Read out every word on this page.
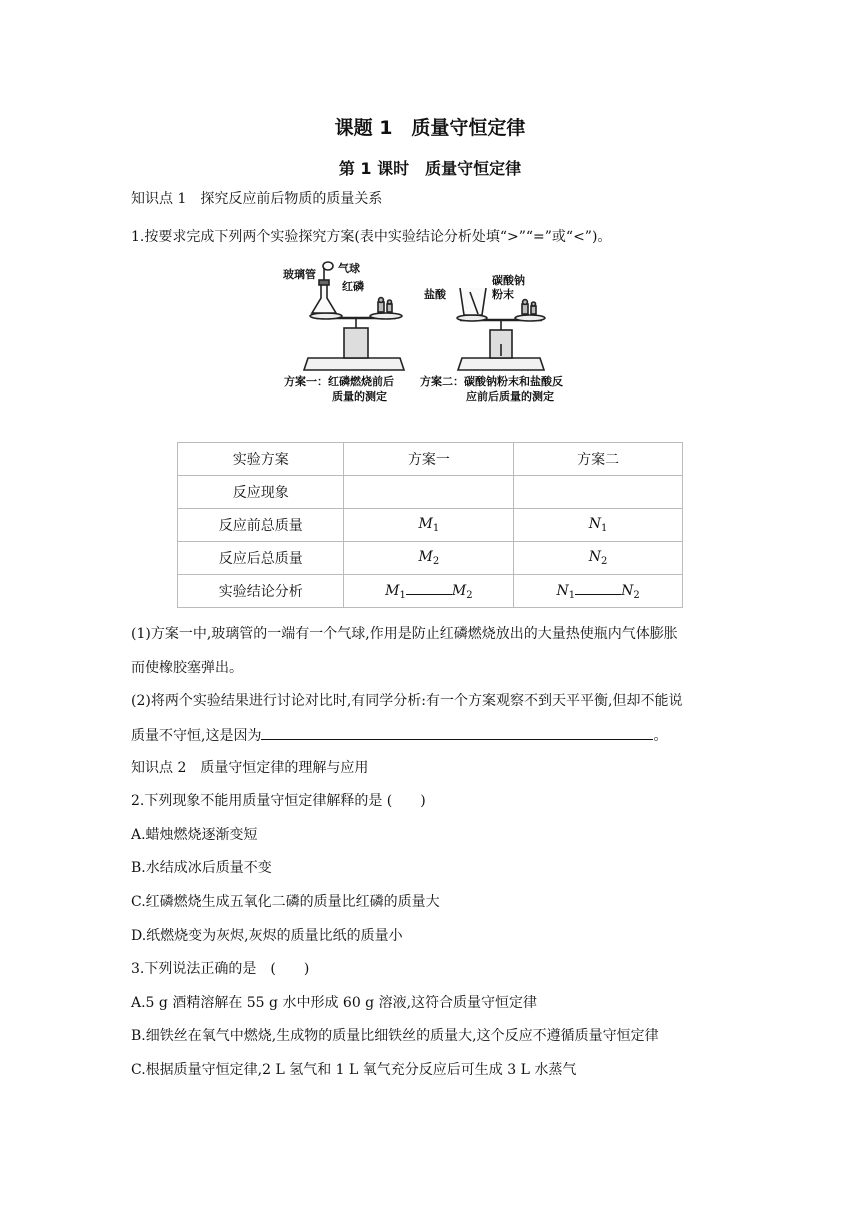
课题 1　质量守恒定律
第 1 课时　质量守恒定律
知识点 1　探究反应前后物质的质量关系
1.按要求完成下列两个实验探究方案(表中实验结论分析处填“>”“=”或“<”)。
玻璃管 气球
红磷
盐酸
碳酸钠
粉末
方案一：红磷燃烧前后
质量的测定
方案二：碳酸钠粉末和盐酸反
应前后质量的测定
实验方案	方案一	方案二
反应现象		
反应前总质量	$M_1$	$N_1$
反应后总质量	$M_2$	$N_2$
实验结论分析	$M_1$ $M_2$	$N_1$ $N_2$
(1)方案一中,玻璃管的一端有一个气球,作用是防止红磷燃烧放出的大量热使瓶内气体膨胀
而使橡胶塞弹出。
(2)将两个实验结果进行讨论对比时,有同学分析:有一个方案观察不到天平平衡,但却不能说
质量不守恒,这是因为	。
知识点 2　质量守恒定律的理解与应用
2.下列现象不能用质量守恒定律解释的是 (　　)
A.蜡烛燃烧逐渐变短
B.水结成冰后质量不变
C.红磷燃烧生成五氧化二磷的质量比红磷的质量大
D.纸燃烧变为灰烬,灰烬的质量比纸的质量小
3.下列说法正确的是　(　　)
A.5 g 酒精溶解在 55 g 水中形成 60 g 溶液,这符合质量守恒定律
B.细铁丝在氧气中燃烧,生成物的质量比细铁丝的质量大,这个反应不遵循质量守恒定律
C.根据质量守恒定律,2 L 氢气和 1 L 氧气充分反应后可生成 3 L 水蒸气
